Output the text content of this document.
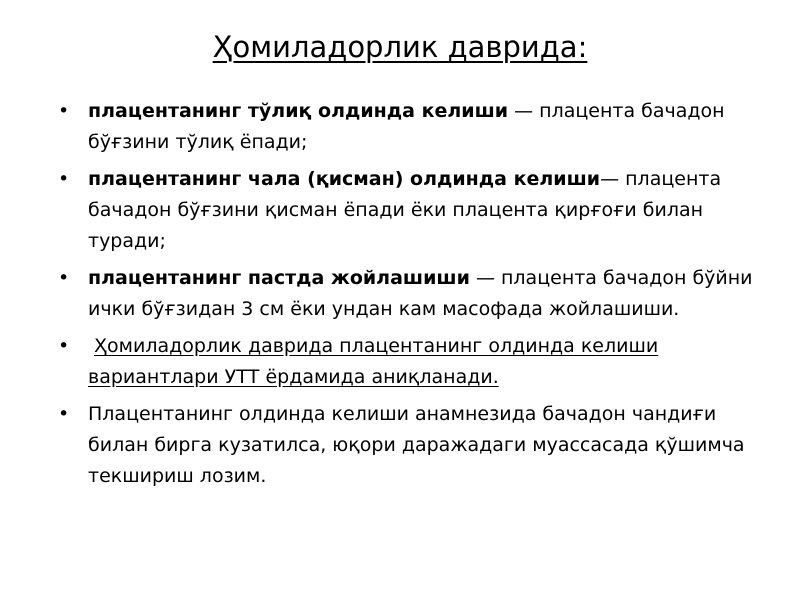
Ҳомиладорлик даврида:
• плацентанинг тўлиқ олдинда келиши — плацента бачадон бўғзини тўлиқ ёпади;
• плацентанинг чала (қисман) олдинда келиши— плацента бачадон бўғзини қисман ёпади ёки плацента қирғоғи билан туради;
• плацентанинг пастда жойлашиши — плацента бачадон бўйни ички бўғзидан 3 см ёки ундан кам масофада жойлашиши.
• Ҳомиладорлик даврида плацентанинг олдинда келиши вариантлари УТТ ёрдамида аниқланади.
• Плацентанинг олдинда келиши анамнезида бачадон чандиғи билан бирга кузатилса, юқори даражадаги муассасада қўшимча текшириш лозим.
